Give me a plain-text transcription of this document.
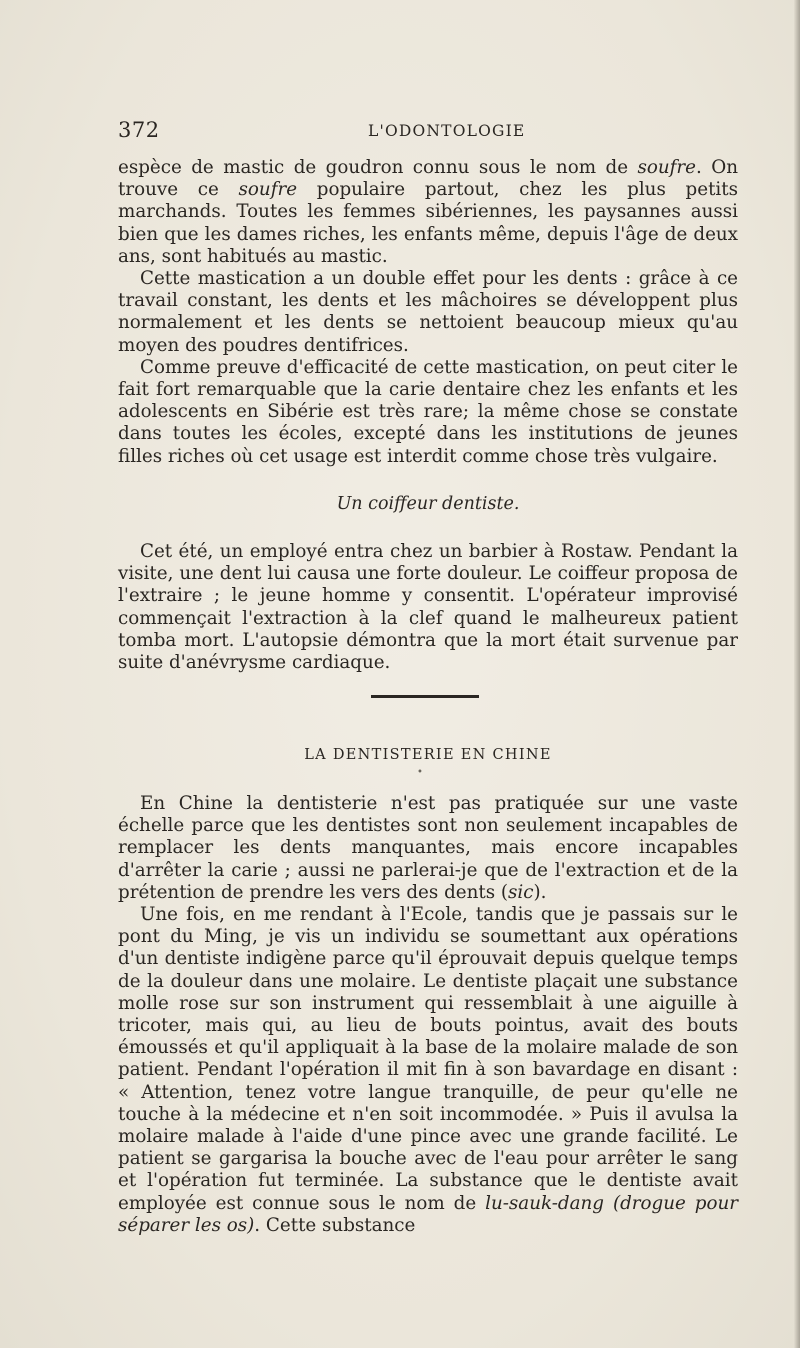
372	L'ODONTOLOGIE

espèce de mastic de goudron connu sous le nom de soufre. On trouve ce soufre populaire partout, chez les plus petits marchands. Toutes les femmes sibériennes, les paysannes aussi bien que les dames riches, les enfants même, depuis l'âge de deux ans, sont habitués au mastic.

Cette mastication a un double effet pour les dents : grâce à ce travail constant, les dents et les mâchoires se développent plus normalement et les dents se nettoient beaucoup mieux qu'au moyen des poudres dentifrices.

Comme preuve d'efficacité de cette mastication, on peut citer le fait fort remarquable que la carie dentaire chez les enfants et les adolescents en Sibérie est très rare; la même chose se constate dans toutes les écoles, excepté dans les institutions de jeunes filles riches où cet usage est interdit comme chose très vulgaire.

Un coiffeur dentiste.

Cet été, un employé entra chez un barbier à Rostaw. Pendant la visite, une dent lui causa une forte douleur. Le coiffeur proposa de l'extraire ; le jeune homme y consentit. L'opérateur improvisé commençait l'extraction à la clef quand le malheureux patient tomba mort. L'autopsie démontra que la mort était survenue par suite d'anévrysme cardiaque.

LA DENTISTERIE EN CHINE
•

En Chine la dentisterie n'est pas pratiquée sur une vaste échelle parce que les dentistes sont non seulement incapables de remplacer les dents manquantes, mais encore incapables d'arrêter la carie ; aussi ne parlerai-je que de l'extraction et de la prétention de prendre les vers des dents (sic).

Une fois, en me rendant à l'Ecole, tandis que je passais sur le pont du Ming, je vis un individu se soumettant aux opérations d'un dentiste indigène parce qu'il éprouvait depuis quelque temps de la douleur dans une molaire. Le dentiste plaçait une substance molle rose sur son instrument qui ressemblait à une aiguille à tricoter, mais qui, au lieu de bouts pointus, avait des bouts émoussés et qu'il appliquait à la base de la molaire malade de son patient. Pendant l'opération il mit fin à son bavardage en disant : « Attention, tenez votre langue tranquille, de peur qu'elle ne touche à la médecine et n'en soit incommodée. » Puis il avulsa la molaire malade à l'aide d'une pince avec une grande facilité. Le patient se gargarisa la bouche avec de l'eau pour arrêter le sang et l'opération fut terminée. La substance que le dentiste avait employée est connue sous le nom de lu-sauk-dang (drogue pour séparer les os). Cette substance
